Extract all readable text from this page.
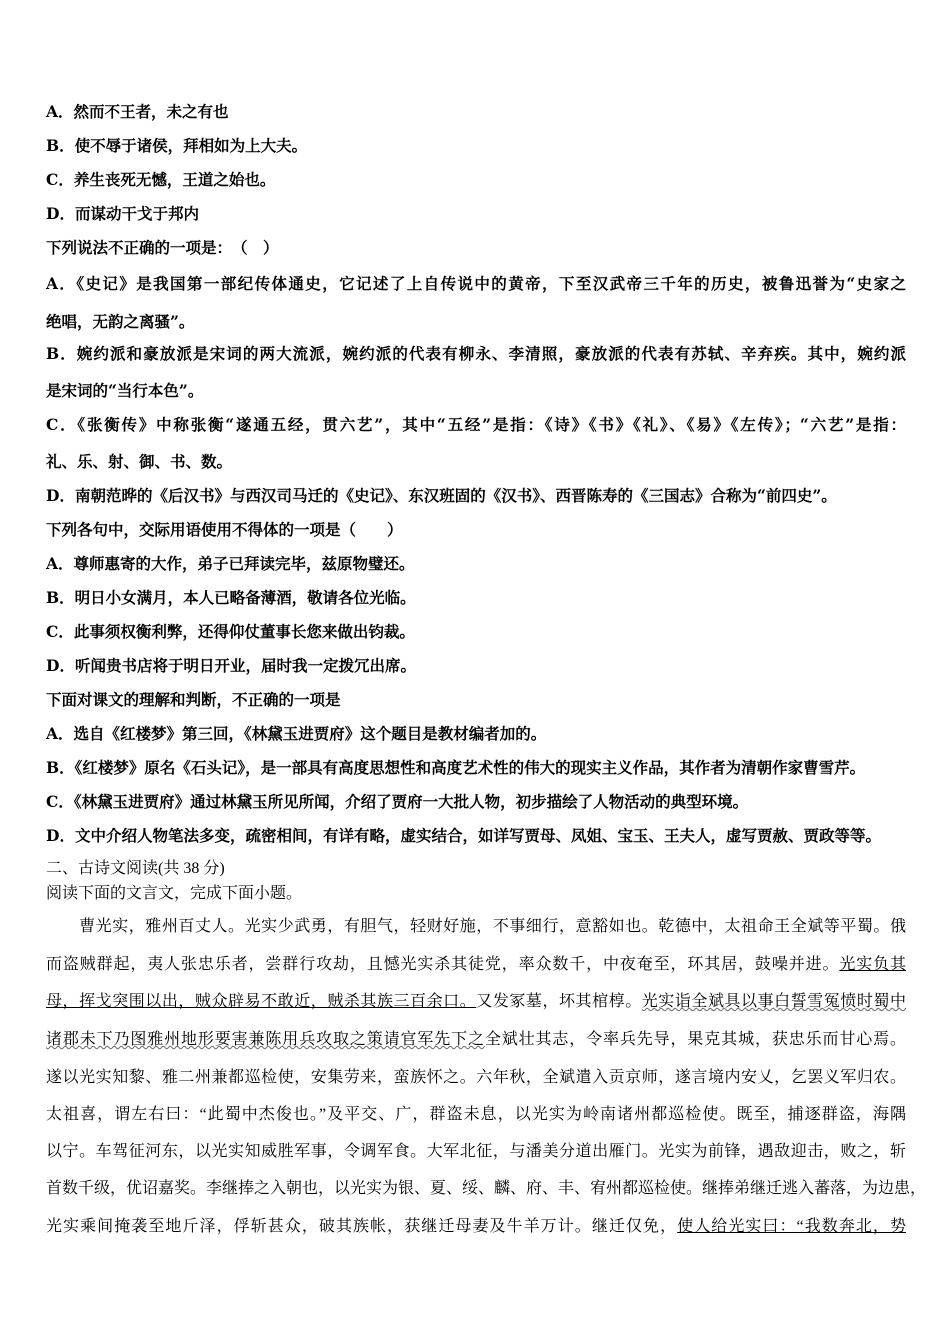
A．然而不王者，未之有也
B．使不辱于诸侯，拜相如为上大夫。
C．养生丧死无憾，王道之始也。
D．而谋动干戈于邦内
下列说法不正确的一项是：　（　）
A．《史记》是我国第一部纪传体通史，它记述了上自传说中的黄帝，下至汉武帝三千年的历史，被鲁迅誉为“史家之
绝唱，无韵之离骚”。
B．婉约派和豪放派是宋词的两大流派，婉约派的代表有柳永、李清照，豪放派的代表有苏轼、辛弃疾。其中，婉约派
是宋词的“当行本色”。
C．《张衡传》中称张衡“遂通五经，贯六艺”，其中“五经”是指：《诗》《书》《礼》、《易》《左传》；“六艺”是指：
礼、乐、射、御、书、数。
D．南朝范晔的《后汉书》与西汉司马迁的《史记》、东汉班固的《汉书》、西晋陈寿的《三国志》合称为“前四史”。
下列各句中，交际用语使用不得体的一项是（　　）
A．尊师惠寄的大作，弟子已拜读完毕，兹原物璧还。
B．明日小女满月，本人已略备薄酒，敬请各位光临。
C．此事须权衡利弊，还得仰仗董事长您来做出钧裁。
D．听闻贵书店将于明日开业，届时我一定拨冗出席。
下面对课文的理解和判断，不正确的一项是
A．选自《红楼梦》第三回，《林黛玉进贾府》这个题目是教材编者加的。
B．《红楼梦》原名《石头记》，是一部具有高度思想性和高度艺术性的伟大的现实主义作品，其作者为清朝作家曹雪芹。
C．《林黛玉进贾府》通过林黛玉所见所闻，介绍了贾府一大批人物，初步描绘了人物活动的典型环境。
D．文中介绍人物笔法多变，疏密相间，有详有略，虚实结合，如详写贾母、凤姐、宝玉、王夫人，虚写贾赦、贾政等等。
二、古诗文阅读(共 38 分)
阅读下面的文言文，完成下面小题。
　　曹光实，雅州百丈人。光实少武勇，有胆气，轻财好施，不事细行，意豁如也。乾德中，太祖命王全斌等平蜀。俄
而盗贼群起，夷人张忠乐者，尝群行攻劫，且憾光实杀其徒党，率众数千，中夜奄至，环其居，鼓噪并进。光实负其
母，挥戈突围以出，贼众辟易不敢近，贼杀其族三百余口。又发冢墓，坏其棺椁。光实诣全斌具以事白誓雪冤愤时蜀中
诸郡未下乃图雅州地形要害兼陈用兵攻取之策请官军先下之全斌壮其志，令率兵先导，果克其城，获忠乐而甘心焉。
遂以光实知黎、雅二州兼都巡检使，安集劳来，蛮族怀之。六年秋，全斌遣入贡京师，遂言境内安乂，乞罢义军归农。
太祖喜，谓左右曰：“此蜀中杰俊也。”及平交、广，群盗未息，以光实为岭南诸州都巡检使。既至，捕逐群盗，海隅
以宁。车驾征河东，以光实知威胜军事，令调军食。大军北征，与潘美分道出雁门。光实为前锋，遇敌迎击，败之，斩
首数千级，优诏嘉奖。李继捧之入朝也，以光实为银、夏、绥、麟、府、丰、宥州都巡检使。继捧弟继迁逃入蕃落，为边患，
光实乘间掩袭至地斤泽，俘斩甚众，破其族帐，获继迁母妻及牛羊万计。继迁仅免，使人给光实曰：“我数奔北，势
